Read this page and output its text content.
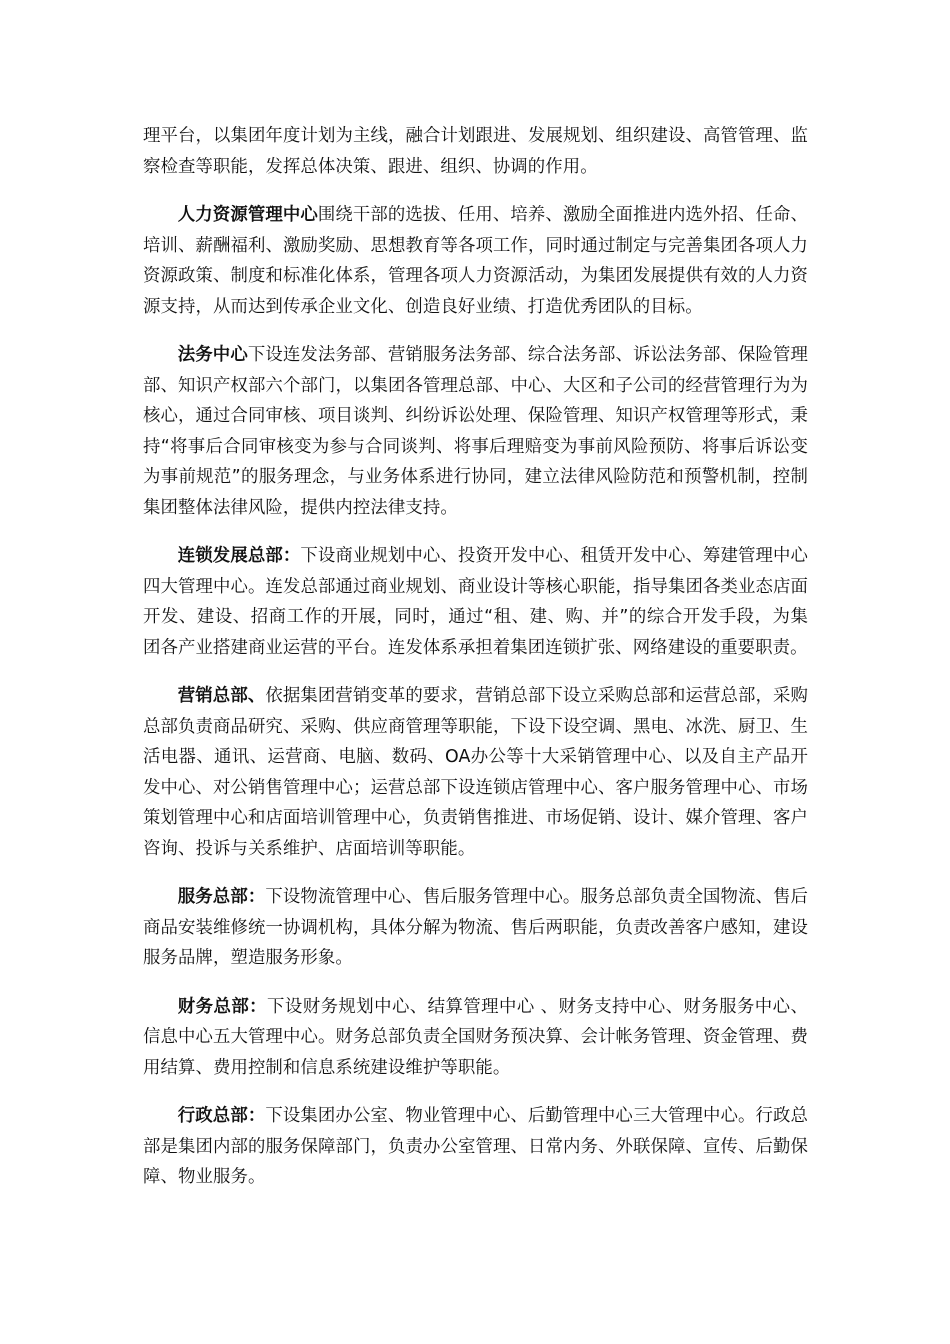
理平台，以集团年度计划为主线，融合计划跟进、发展规划、组织建设、高管管理、监察检查等职能，发挥总体决策、跟进、组织、协调的作用。

人力资源管理中心围绕干部的选拔、任用、培养、激励全面推进内选外招、任命、培训、薪酬福利、激励奖励、思想教育等各项工作，同时通过制定与完善集团各项人力资源政策、制度和标准化体系，管理各项人力资源活动，为集团发展提供有效的人力资源支持，从而达到传承企业文化、创造良好业绩、打造优秀团队的目标。

法务中心下设连发法务部、营销服务法务部、综合法务部、诉讼法务部、保险管理部、知识产权部六个部门，以集团各管理总部、中心、大区和子公司的经营管理行为为核心，通过合同审核、项目谈判、纠纷诉讼处理、保险管理、知识产权管理等形式，秉持“将事后合同审核变为参与合同谈判、将事后理赔变为事前风险预防、将事后诉讼变为事前规范”的服务理念，与业务体系进行协同，建立法律风险防范和预警机制，控制集团整体法律风险，提供内控法律支持。

连锁发展总部：下设商业规划中心、投资开发中心、租赁开发中心、筹建管理中心四大管理中心。连发总部通过商业规划、商业设计等核心职能，指导集团各类业态店面开发、建设、招商工作的开展，同时，通过“租、建、购、并”的综合开发手段，为集团各产业搭建商业运营的平台。连发体系承担着集团连锁扩张、网络建设的重要职责。

营销总部、依据集团营销变革的要求，营销总部下设立采购总部和运营总部，采购总部负责商品研究、采购、供应商管理等职能，下设下设空调、黑电、冰洗、厨卫、生活电器、通讯、运营商、电脑、数码、OA办公等十大采销管理中心、以及自主产品开发中心、对公销售管理中心；运营总部下设连锁店管理中心、客户服务管理中心、市场策划管理中心和店面培训管理中心，负责销售推进、市场促销、设计、媒介管理、客户咨询、投诉与关系维护、店面培训等职能。

服务总部：下设物流管理中心、售后服务管理中心。服务总部负责全国物流、售后商品安装维修统一协调机构，具体分解为物流、售后两职能，负责改善客户感知，建设服务品牌，塑造服务形象。

财务总部：下设财务规划中心、结算管理中心 、财务支持中心、财务服务中心、信息中心五大管理中心。财务总部负责全国财务预决算、会计帐务管理、资金管理、费用结算、费用控制和信息系统建设维护等职能。

行政总部：下设集团办公室、物业管理中心、后勤管理中心三大管理中心。行政总部是集团内部的服务保障部门，负责办公室管理、日常内务、外联保障、宣传、后勤保障、物业服务。
